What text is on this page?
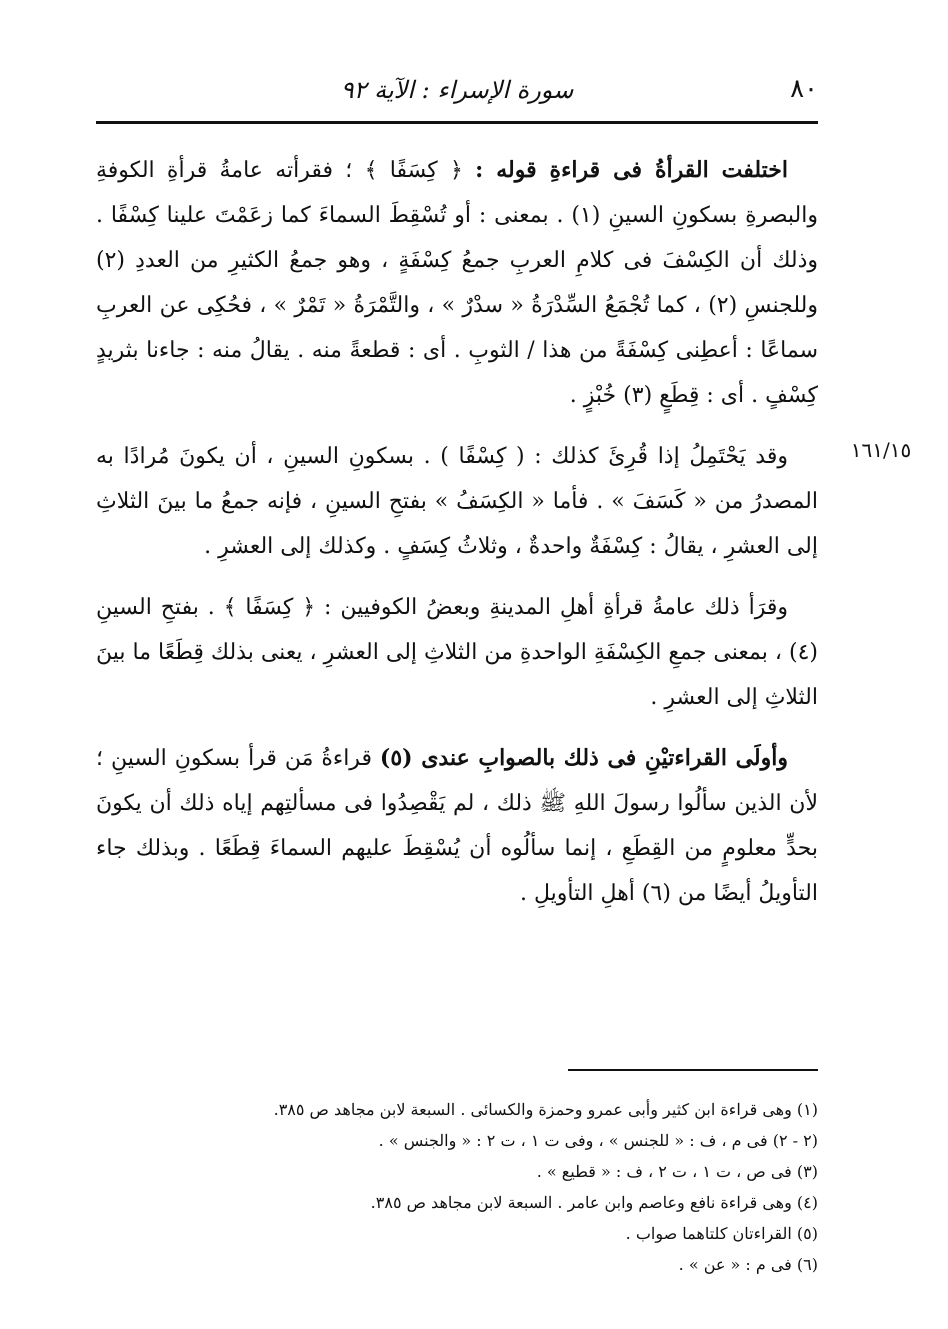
٨٠
سورة الإسراء : الآية ٩٢
١٦١/١٥

اختلفت القرأةُ فى قراءةِ قوله : ﴿ كِسَفًا ﴾ ؛ فقرأته عامةُ قرأةِ الكوفةِ والبصرةِ بسكونِ السينِ (١) . بمعنى : أو تُسْقِطَ السماءَ كما زعَمْتَ علينا كِسْفًا . وذلك أن الكِسْفَ فى كلامِ العربِ جمعُ كِسْفَةٍ ، وهو جمعُ الكثيرِ من العددِ (٢) وللجنسِ (٢) ، كما تُجْمَعُ السِّدْرَةُ « سدْرٌ » ، والتَّمْرَةُ « تَمْرٌ » ، فحُكِى عن العربِ سماعًا : أعطِنى كِسْفَةً من هذا / الثوبِ . أى : قطعةً منه . يقالُ منه : جاءنا بثريدٍ كِسْفٍ . أى : قِطَعٍ (٣) خُبْزٍ .

وقد يَحْتَمِلُ إذا قُرِئَ كذلك : ( كِسْفًا ) . بسكونِ السينِ ، أن يكونَ مُرادًا به المصدرُ من « كَسَفَ » . فأما « الكِسَفُ » بفتحِ السينِ ، فإنه جمعُ ما بينَ الثلاثِ إلى العشرِ ، يقالُ : كِسْفَةٌ واحدةٌ ، وثلاثُ كِسَفٍ . وكذلك إلى العشرِ .

وقرَأ ذلك عامةُ قرأةِ أهلِ المدينةِ وبعضُ الكوفيين : ﴿ كِسَفًا ﴾ . بفتحِ السينِ (٤) ، بمعنى جمعِ الكِسْفَةِ الواحدةِ من الثلاثِ إلى العشرِ ، يعنى بذلك قِطَعًا ما بينَ الثلاثِ إلى العشرِ .

وأولَى القراءتيْنِ فى ذلك بالصوابِ عندى (٥) قراءةُ مَن قرأ بسكونِ السينِ ؛ لأن الذين سألُوا رسولَ اللهِ ﷺ ذلك ، لم يَقْصِدُوا فى مسألتِهم إياه ذلك أن يكونَ بحدٍّ معلومٍ من القِطَعِ ، إنما سألُوه أن يُسْقِطَ عليهم السماءَ قِطَعًا . وبذلك جاء التأويلُ أيضًا من (٦) أهلِ التأويلِ .

(١) وهى قراءة ابن كثير وأبى عمرو وحمزة والكسائى . السبعة لابن مجاهد ص ٣٨٥.
(٢ - ٢) فى م ، ف : « للجنس » ، وفى ت ١ ، ت ٢ : « والجنس » .
(٣) فى ص ، ت ١ ، ت ٢ ، ف : « قطيع » .
(٤) وهى قراءة نافع وعاصم وابن عامر . السبعة لابن مجاهد ص ٣٨٥.
(٥) القراءتان كلتاهما صواب .
(٦) فى م : « عن » .
